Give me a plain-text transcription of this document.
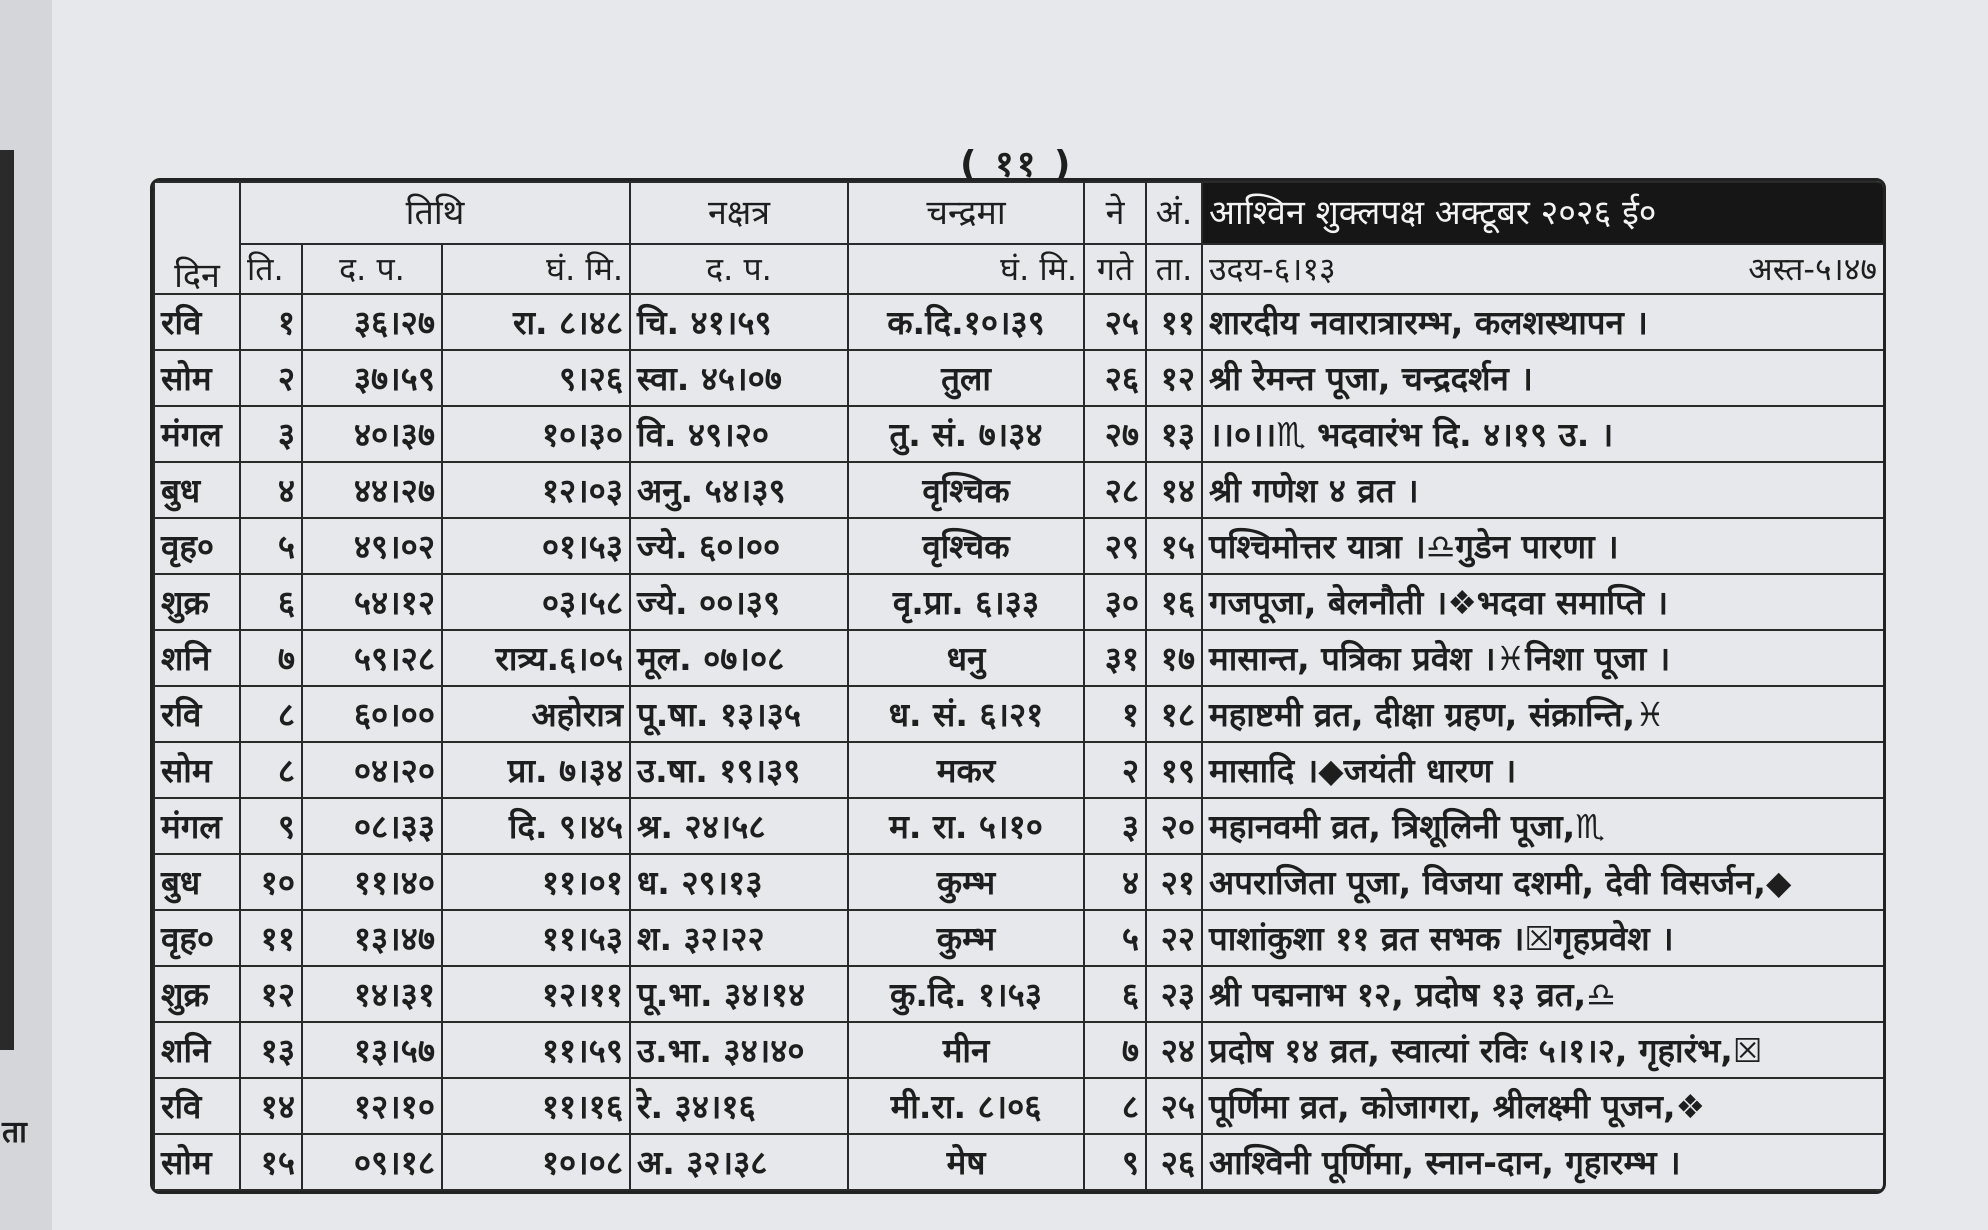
ता
( ११ )
दिन	तिथि			नक्षत्र	चन्द्रमा	ने	अं.	आश्विन शुक्लपक्ष अक्टूबर २०२६ ई०
	ति.	द. प.	घं. मि.	द. प.	घं. मि.	गते	ता.	उदय-६।१३ अस्त-५।४७

रवि	१	३६।२७	रा. ८।४८	चि. ४१।५९	क.दि.१०।३९	२५	११	शारदीय नवारात्रारम्भ, कलशस्थापन ।
सोम	२	३७।५९	९।२६	स्वा. ४५।०७	तुला	२६	१२	श्री रेमन्त पूजा, चन्द्रदर्शन ।
मंगल	३	४०।३७	१०।३०	वि. ४९।२०	तु. सं. ७।३४	२७	१३	।।०।।♏ भदवारंभ दि. ४।१९ उ. ।
बुध	४	४४।२७	१२।०३	अनु. ५४।३९	वृश्चिक	२८	१४	श्री गणेश ४ व्रत ।
वृह०	५	४९।०२	०१।५३	ज्ये. ६०।००	वृश्चिक	२९	१५	पश्चिमोत्तर यात्रा ।♎गुडेन पारणा ।
शुक्र	६	५४।१२	०३।५८	ज्ये. ००।३९	वृ.प्रा. ६।३३	३०	१६	गजपूजा, बेलनौती ।❖भदवा समाप्ति ।
शनि	७	५९।२८	रात्र्य.६।०५	मूल. ०७।०८	धनु	३१	१७	मासान्त, पत्रिका प्रवेश ।♓निशा पूजा ।
रवि	८	६०।००	अहोरात्र	पू.षा. १३।३५	ध. सं. ६।२१	१	१८	महाष्टमी व्रत, दीक्षा ग्रहण, संक्रान्ति,♓
सोम	८	०४।२०	प्रा. ७।३४	उ.षा. १९।३९	मकर	२	१९	मासादि ।◆जयंती धारण ।
मंगल	९	०८।३३	दि. ९।४५	श्र. २४।५८	म. रा. ५।१०	३	२०	महानवमी व्रत, त्रिशूलिनी पूजा,♏
बुध	१०	११।४०	११।०१	ध. २९।१३	कुम्भ	४	२१	अपराजिता पूजा, विजया दशमी, देवी विसर्जन,◆
वृह०	११	१३।४७	११।५३	श. ३२।२२	कुम्भ	५	२२	पाशांकुशा ११ व्रत सभक ।☒गृहप्रवेश ।
शुक्र	१२	१४।३१	१२।११	पू.भा. ३४।१४	कु.दि. १।५३	६	२३	श्री पद्मनाभ १२, प्रदोष १३ व्रत,♎
शनि	१३	१३।५७	११।५९	उ.भा. ३४।४०	मीन	७	२४	प्रदोष १४ व्रत, स्वात्यां रविः ५।१।२, गृहारंभ,☒
रवि	१४	१२।१०	११।१६	रे. ३४।१६	मी.रा. ८।०६	८	२५	पूर्णिमा व्रत, कोजागरा, श्रीलक्ष्मी पूजन,❖
सोम	१५	०९।१८	१०।०८	अ. ३२।३८	मेष	९	२६	आश्विनी पूर्णिमा, स्नान-दान, गृहारम्भ ।
